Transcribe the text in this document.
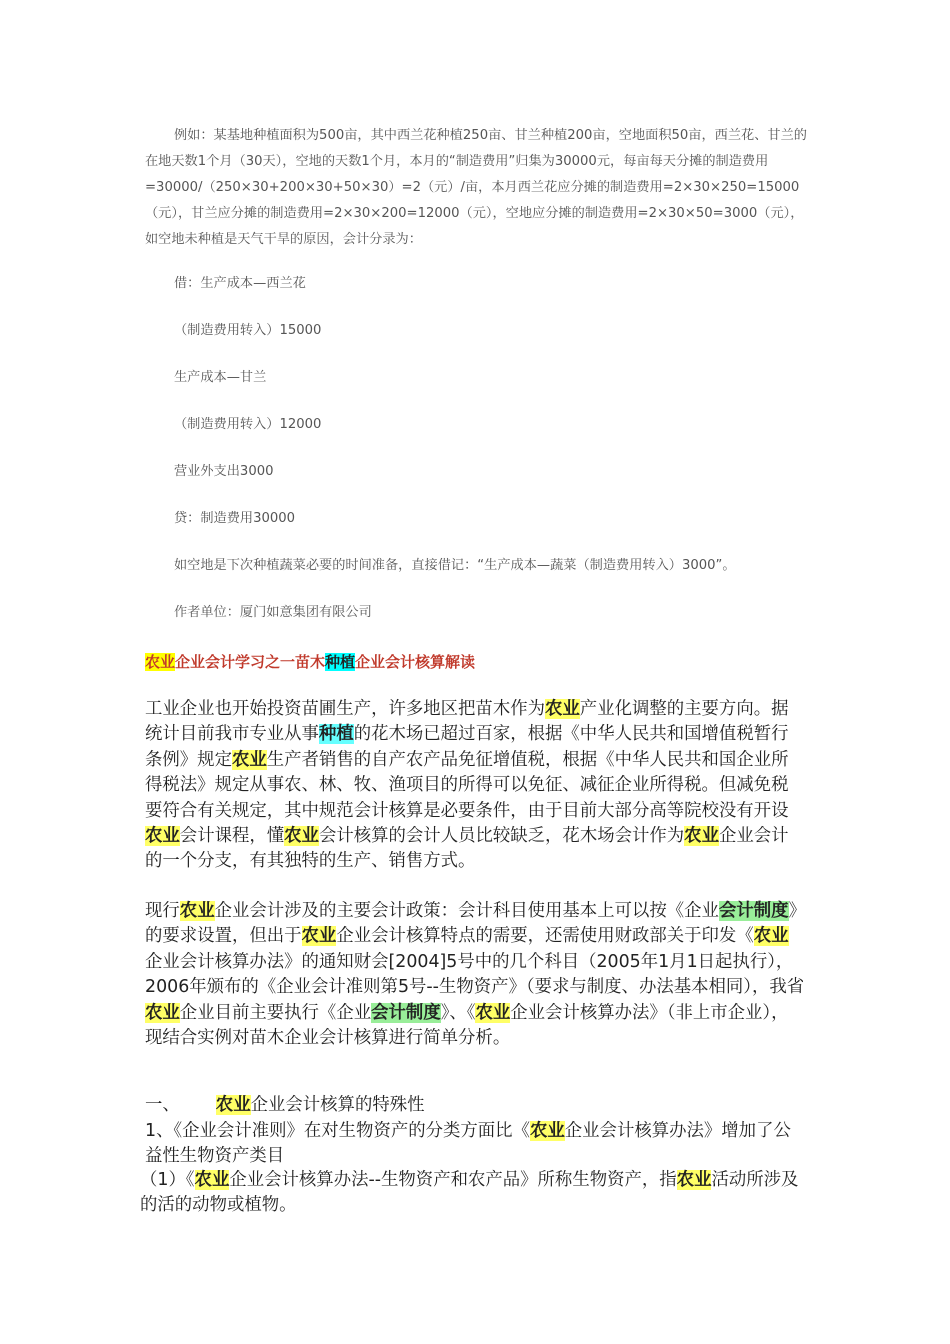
例如：某基地种植面积为500亩，其中西兰花种植250亩、甘兰种植200亩，空地面积50亩，西兰花、甘兰的在地天数1个月（30天），空地的天数1个月，本月的“制造费用”归集为30000元，每亩每天分摊的制造费用=30000/（250×30+200×30+50×30）=2（元）/亩，本月西兰花应分摊的制造费用=2×30×250=15000（元），甘兰应分摊的制造费用=2×30×200=12000（元），空地应分摊的制造费用=2×30×50=3000（元），如空地未种植是天气干旱的原因，会计分录为：
借：生产成本—西兰花
（制造费用转入）15000
生产成本—甘兰
（制造费用转入）12000
营业外支出3000
贷：制造费用30000
如空地是下次种植蔬菜必要的时间准备，直接借记：“生产成本—蔬菜（制造费用转入）3000”。
作者单位：厦门如意集团有限公司
农业企业会计学习之一苗木种植企业会计核算解读
工业企业也开始投资苗圃生产，许多地区把苗木作为农业产业化调整的主要方向。据统计目前我市专业从事种植的花木场已超过百家，根据《中华人民共和国增值税暂行条例》规定农业生产者销售的自产农产品免征增值税，根据《中华人民共和国企业所得税法》规定从事农、林、牧、渔项目的所得可以免征、减征企业所得税。但减免税要符合有关规定，其中规范会计核算是必要条件，由于目前大部分高等院校没有开设农业会计课程，懂农业会计核算的会计人员比较缺乏，花木场会计作为农业企业会计的一个分支，有其独特的生产、销售方式。
现行农业企业会计涉及的主要会计政策：会计科目使用基本上可以按《企业会计制度》的要求设置，但出于农业企业会计核算特点的需要，还需使用财政部关于印发《农业企业会计核算办法》的通知财会[2004]5号中的几个科目（2005年1月1日起执行），2006年颁布的《企业会计准则第5号--生物资产》（要求与制度、办法基本相同），我省农业企业目前主要执行《企业会计制度》、《农业企业会计核算办法》（非上市企业），现结合实例对苗木企业会计核算进行简单分析。
一、 农业企业会计核算的特殊性
1、《企业会计准则》在对生物资产的分类方面比《农业企业会计核算办法》增加了公益性生物资产类目
（1）《农业企业会计核算办法--生物资产和农产品》所称生物资产，指农业活动所涉及的活的动物或植物。
